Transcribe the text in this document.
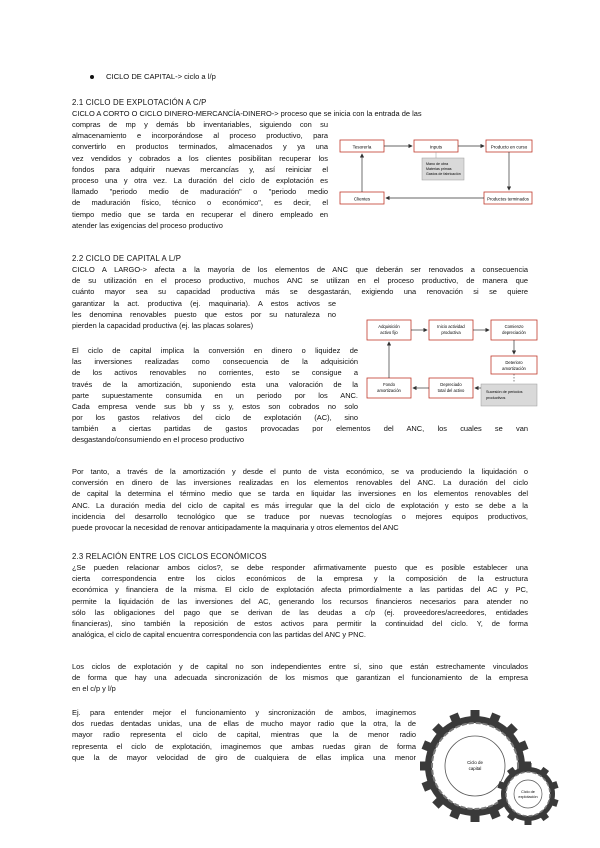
CICLO DE CAPITAL-> ciclo a l/p
2.1 CICLO DE EXPLOTACIÓN A C/P
CICLO A CORTO O CICLO DINERO-MERCANCÍA-DINERO-> proceso que se inicia con la entrada de las
compras de mp y demás bb inventariables, siguiendo con su
almacenamiento e incorporándose al proceso productivo, para
convertirlo en productos terminados, almacenados y ya una
vez vendidos y cobrados a los clientes posibilitan recuperar los
fondos para adquirir nuevas mercancías y, así reiniciar el
proceso una y otra vez. La duración del ciclo de explotación es
llamado "periodo medio de maduración" o "periodo medio
de maduración físico, técnico o económico", es decir, el
tiempo medio que se tarda en recuperar el dinero empleado en
atender las exigencias del proceso productivo
Tesorería	Inputs	Producto en curso
Mano de obra
Materias primas
Gastos de fabricación
Clientes	Productos terminados
2.2 CICLO DE CAPITAL A L/P
CICLO A LARGO-> afecta a la mayoría de los elementos de ANC que deberán ser renovados a consecuencia
de su utilización en el proceso productivo, muchos ANC se utilizan en el proceso productivo, de manera que
cuánto mayor sea su capacidad productiva más se desgastarán, exigiendo una renovación si se quiere
garantizar la act. productiva (ej. maquinaria). A estos activos se
les denomina renovables puesto que estos por su naturaleza no
pierden la capacidad productiva (ej. las placas solares)
El ciclo de capital implica la conversión en dinero o liquidez de
las inversiones realizadas como consecuencia de la adquisición
de los activos renovables no corrientes, esto se consigue a
través de la amortización, suponiendo esta una valoración de la
parte supuestamente consumida en un periodo por los ANC.
Cada empresa vende sus bb y ss y, estos son cobrados no solo
por los gastos relativos del ciclo de explotación (AC), sino
también a ciertas partidas de gastos provocadas por elementos del ANC, los cuales se van
desgastando/consumiendo en el proceso productivo
Adquisición
activo fijo
Inicio actividad
productiva
Comienzo
depreciación
Deterioro
amortización
Fondo
amortización
Depreciado
total del activo	Sucesión de periodos
productivos
Por tanto, a través de la amortización y desde el punto de vista económico, se va produciendo la liquidación o
conversión en dinero de las inversiones realizadas en los elementos renovables del ANC. La duración del ciclo
de capital la determina el término medio que se tarda en liquidar las inversiones en los elementos renovables del
ANC. La duración media del ciclo de capital es más irregular que la del ciclo de explotación y esto se debe a la
incidencia del desarrollo tecnológico que se traduce por nuevas tecnologías o mejores equipos productivos,
puede provocar la necesidad de renovar anticipadamente la maquinaria y otros elementos del ANC
2.3 RELACIÓN ENTRE LOS CICLOS ECONÓMICOS
¿Se pueden relacionar ambos ciclos?, se debe responder afirmativamente puesto que es posible establecer una
cierta correspondencia entre los ciclos económicos de la empresa y la composición de la estructura
económica y financiera de la misma. El ciclo de explotación afecta primordialmente a las partidas del AC y PC,
permite la liquidación de las inversiones del AC, generando los recursos financieros necesarios para atender no
sólo las obligaciones del pago que se derivan de las deudas a c/p (ej. proveedores/acreedores, entidades
financieras), sino también la reposición de estos activos para permitir la continuidad del ciclo. Y, de forma
analógica, el ciclo de capital encuentra correspondencia con las partidas del ANC y PNC.
Los ciclos de explotación y de capital no son independientes entre sí, sino que están estrechamente vinculados
de forma que hay una adecuada sincronización de los mismos que garantizan el funcionamiento de la empresa
en el c/p y l/p
Ej. para entender mejor el funcionamiento y sincronización de ambos, imaginemos
dos ruedas dentadas unidas, una de ellas de mucho mayor radio que la otra, la de
mayor radio representa el ciclo de capital, mientras que la de menor radio
representa el ciclo de explotación, imaginemos que ambas ruedas giran de forma
que la de mayor velocidad de giro de cualquiera de ellas implica una menor
Ciclo de
capital
Ciclo de
explotación
